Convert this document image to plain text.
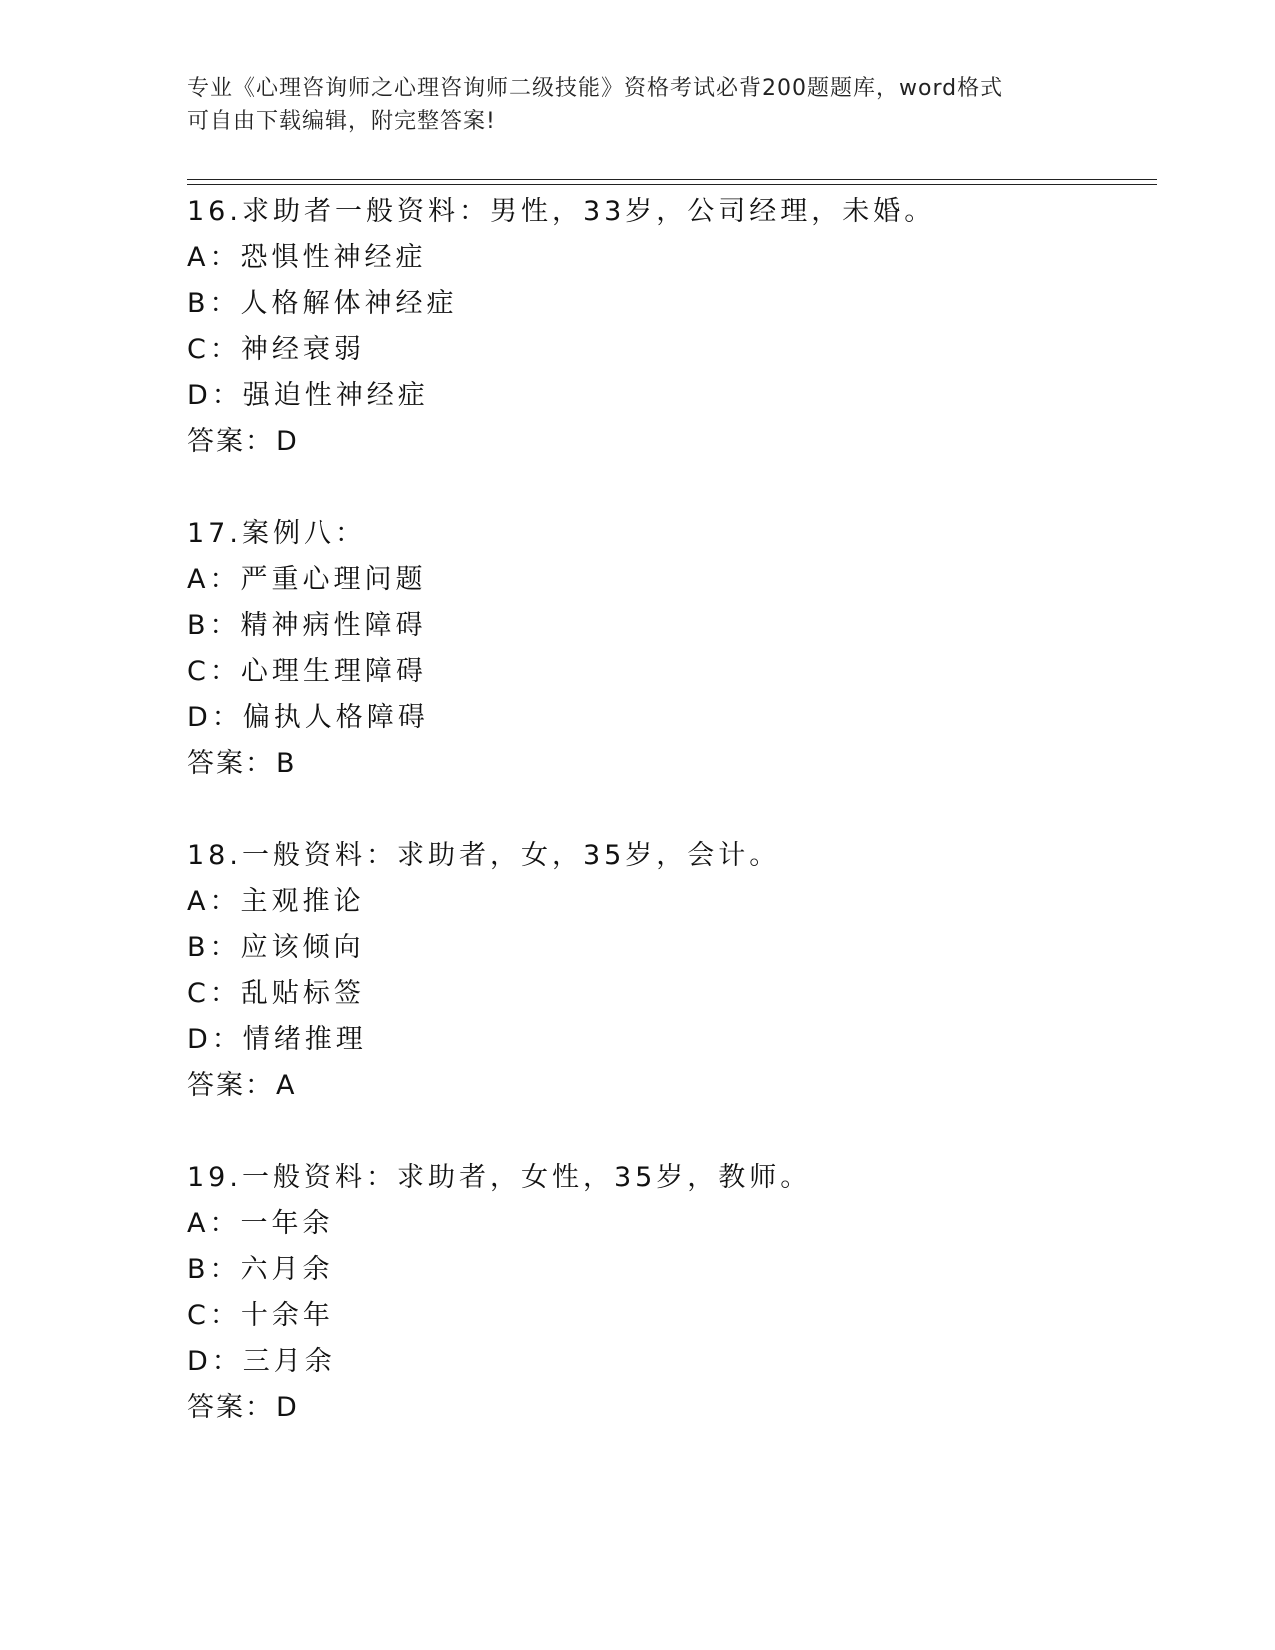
专业《心理咨询师之心理咨询师二级技能》资格考试必背200题题库，word格式
可自由下载编辑，附完整答案!
16.求助者一般资料：男性，33岁，公司经理，未婚。
A：恐惧性神经症
B：人格解体神经症
C：神经衰弱
D：强迫性神经症
答案：D
17.案例八：
A：严重心理问题
B：精神病性障碍
C：心理生理障碍
D：偏执人格障碍
答案：B
18.一般资料：求助者，女，35岁，会计。
A：主观推论
B：应该倾向
C：乱贴标签
D：情绪推理
答案：A
19.一般资料：求助者，女性，35岁，教师。
A：一年余
B：六月余
C：十余年
D：三月余
答案：D
